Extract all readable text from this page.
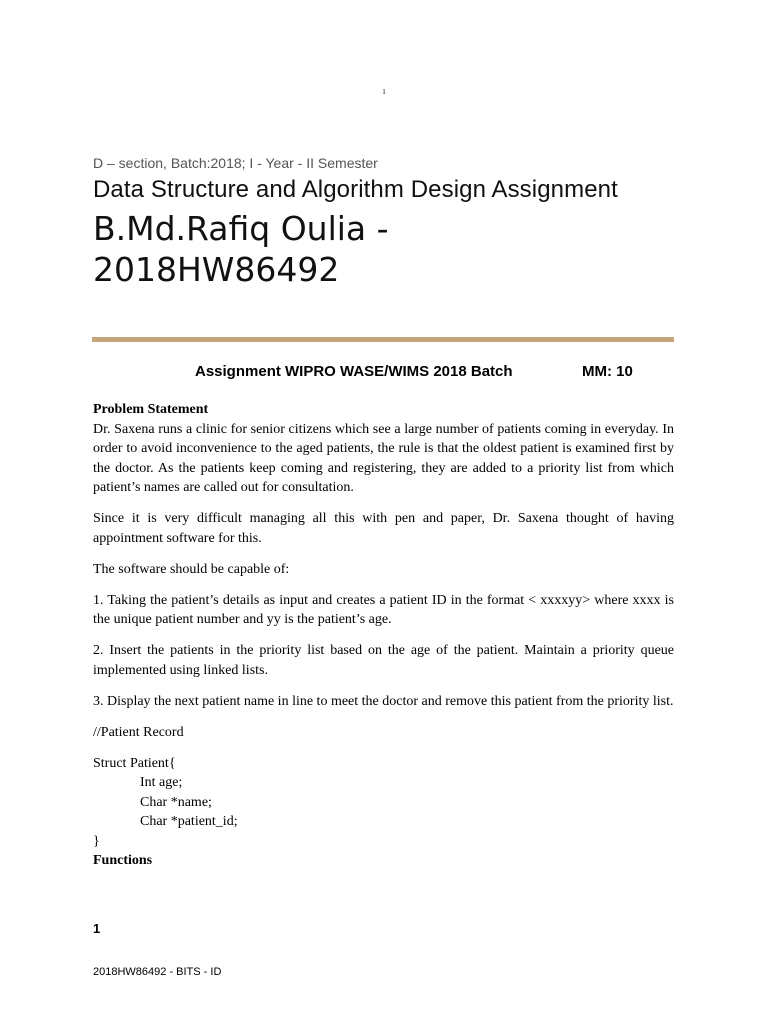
1
D – section, Batch:2018; I - Year - II Semester
Data Structure and Algorithm Design Assignment
B.Md.Rafiq Oulia -
2018HW86492
Assignment WIPRO WASE/WIMS 2018 Batch	MM: 10

Problem Statement

Dr. Saxena runs a clinic for senior citizens which see a large number of patients coming in everyday. In order to avoid inconvenience to the aged patients, the rule is that the oldest patient is examined first by the doctor. As the patients keep coming and registering, they are added to a priority list from which patient’s names are called out for consultation.

Since it is very difficult managing all this with pen and paper, Dr. Saxena thought of having appointment software for this.

The software should be capable of:

1. Taking the patient’s details as input and creates a patient ID in the format < xxxxyy> where xxxx is the unique patient number and yy is the patient’s age.

2. Insert the patients in the priority list based on the age of the patient. Maintain a priority queue implemented using linked lists.

3. Display the next patient name in line to meet the doctor and remove this patient from the priority list.

//Patient Record

Struct Patient{

Int age;

Char *name;

Char *patient_id;

}

Functions

1
2018HW86492 - BITS - ID
